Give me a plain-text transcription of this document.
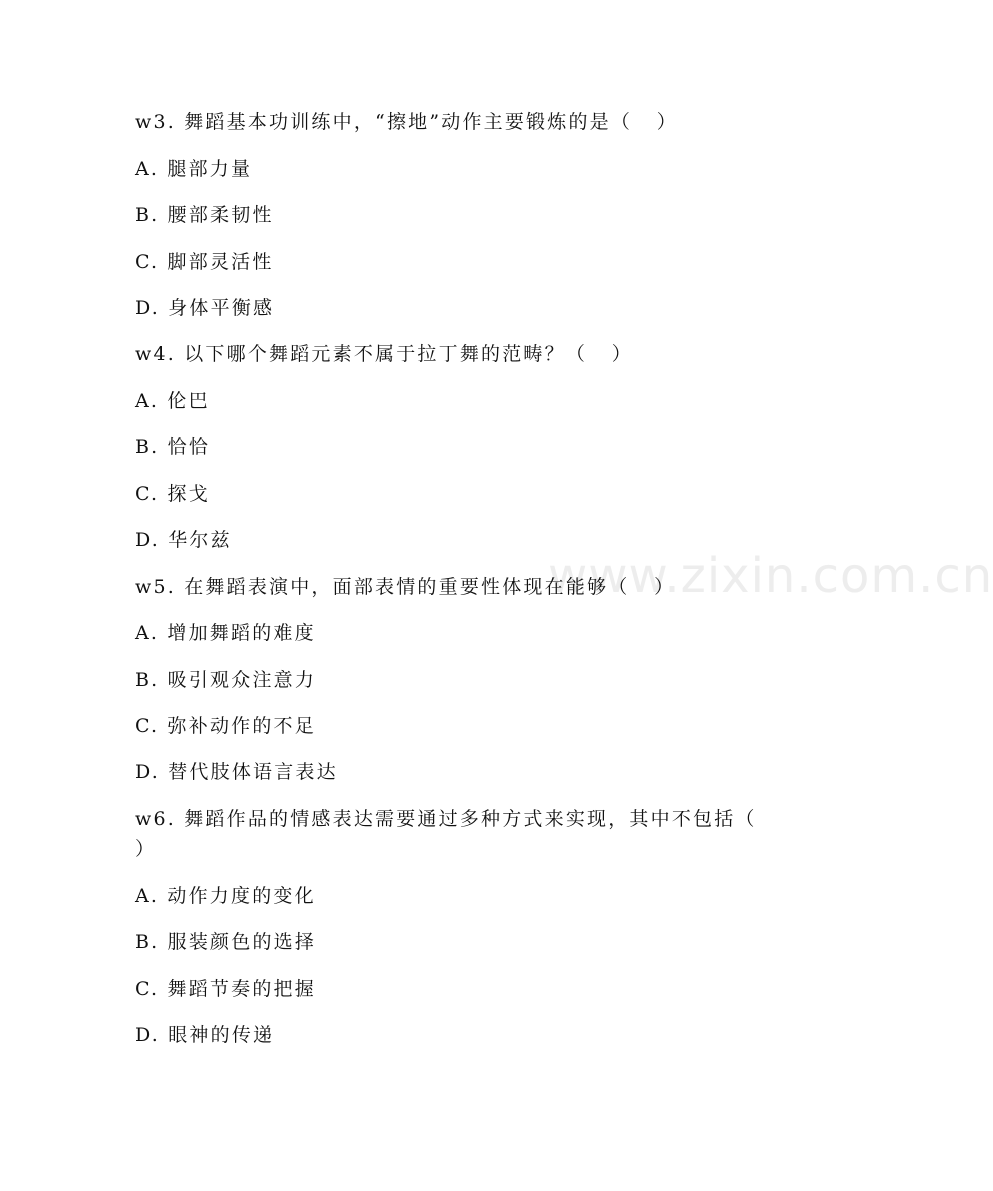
www.zixin.com.cn
w3. 舞蹈基本功训练中，“擦地”动作主要锻炼的是（   ）
A. 腿部力量
B. 腰部柔韧性
C. 脚部灵活性
D. 身体平衡感
w4. 以下哪个舞蹈元素不属于拉丁舞的范畴？（   ）
A. 伦巴
B. 恰恰
C. 探戈
D. 华尔兹
w5. 在舞蹈表演中，面部表情的重要性体现在能够（   ）
A. 增加舞蹈的难度
B. 吸引观众注意力
C. 弥补动作的不足
D. 替代肢体语言表达
w6. 舞蹈作品的情感表达需要通过多种方式来实现，其中不包括（
）
A. 动作力度的变化
B. 服装颜色的选择
C. 舞蹈节奏的把握
D. 眼神的传递
